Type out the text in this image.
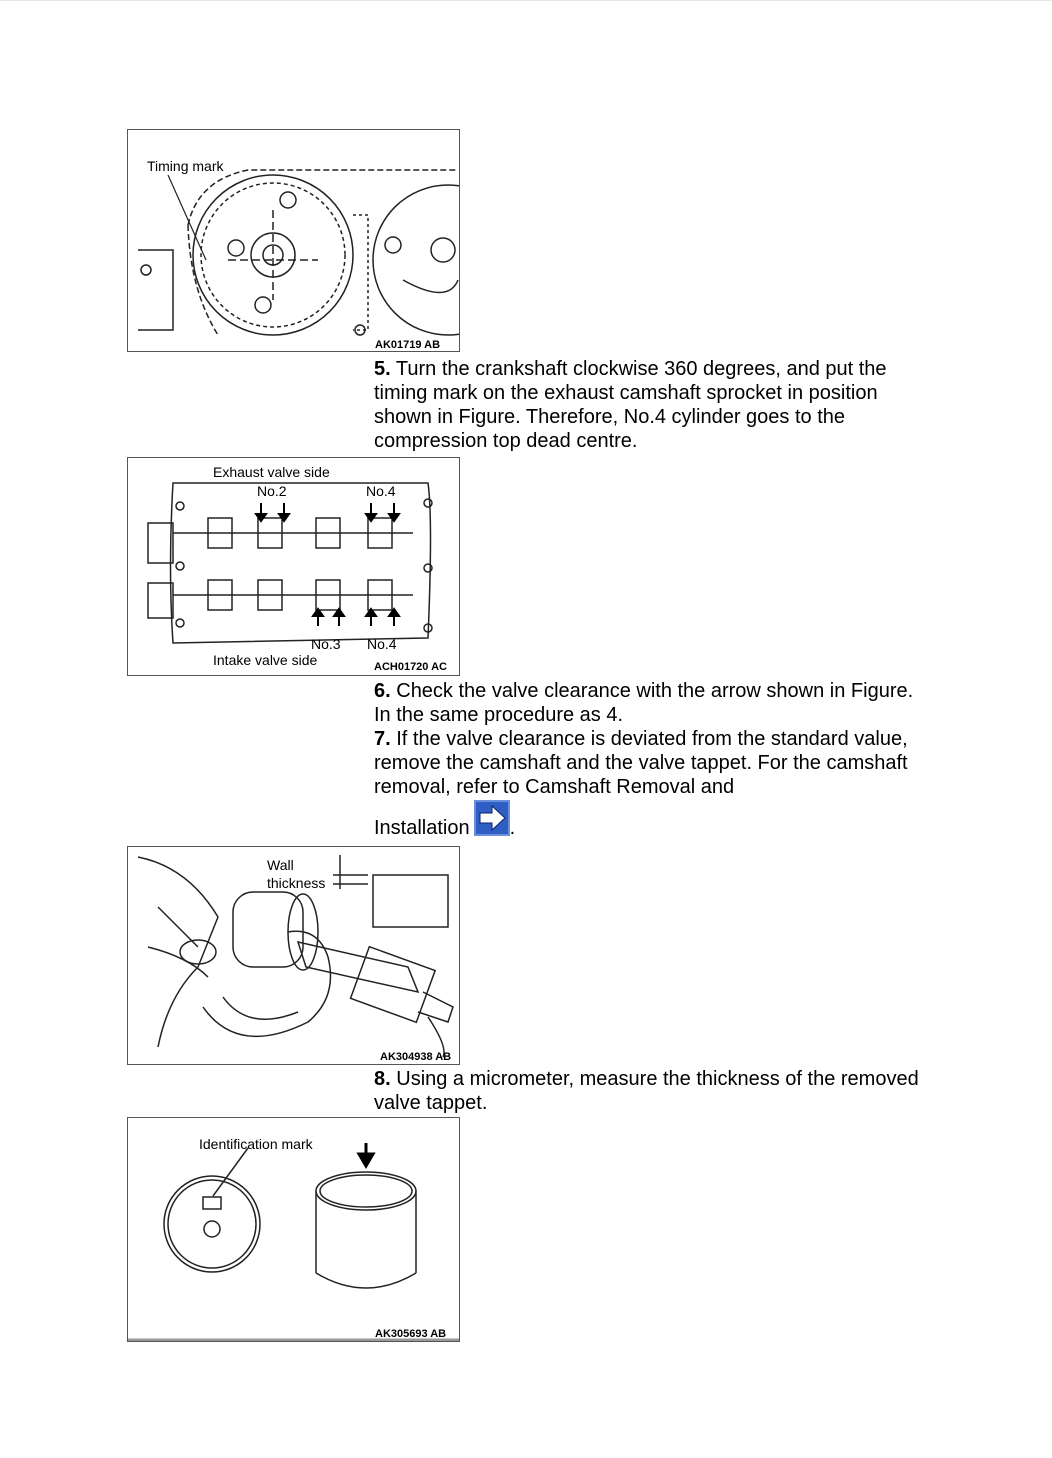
Timing mark
AK01719 AB
5. Turn the crankshaft clockwise 360 degrees, and put the timing mark on the exhaust camshaft sprocket in position shown in Figure. Therefore, No.4 cylinder goes to the compression top dead centre.
Exhaust valve side
No.2	No.4
No.3 No.4
Intake valve side	ACH01720 AC
6. Check the valve clearance with the arrow shown in Figure. In the same procedure as 4.
7. If the valve clearance is deviated from the standard value, remove the camshaft and the valve tappet. For the camshaft removal, refer to Camshaft Removal and
Installation .
Wall
thickness
AK304938 AB
8. Using a micrometer, measure the thickness of the removed valve tappet.
Identification mark
AK305693 AB
